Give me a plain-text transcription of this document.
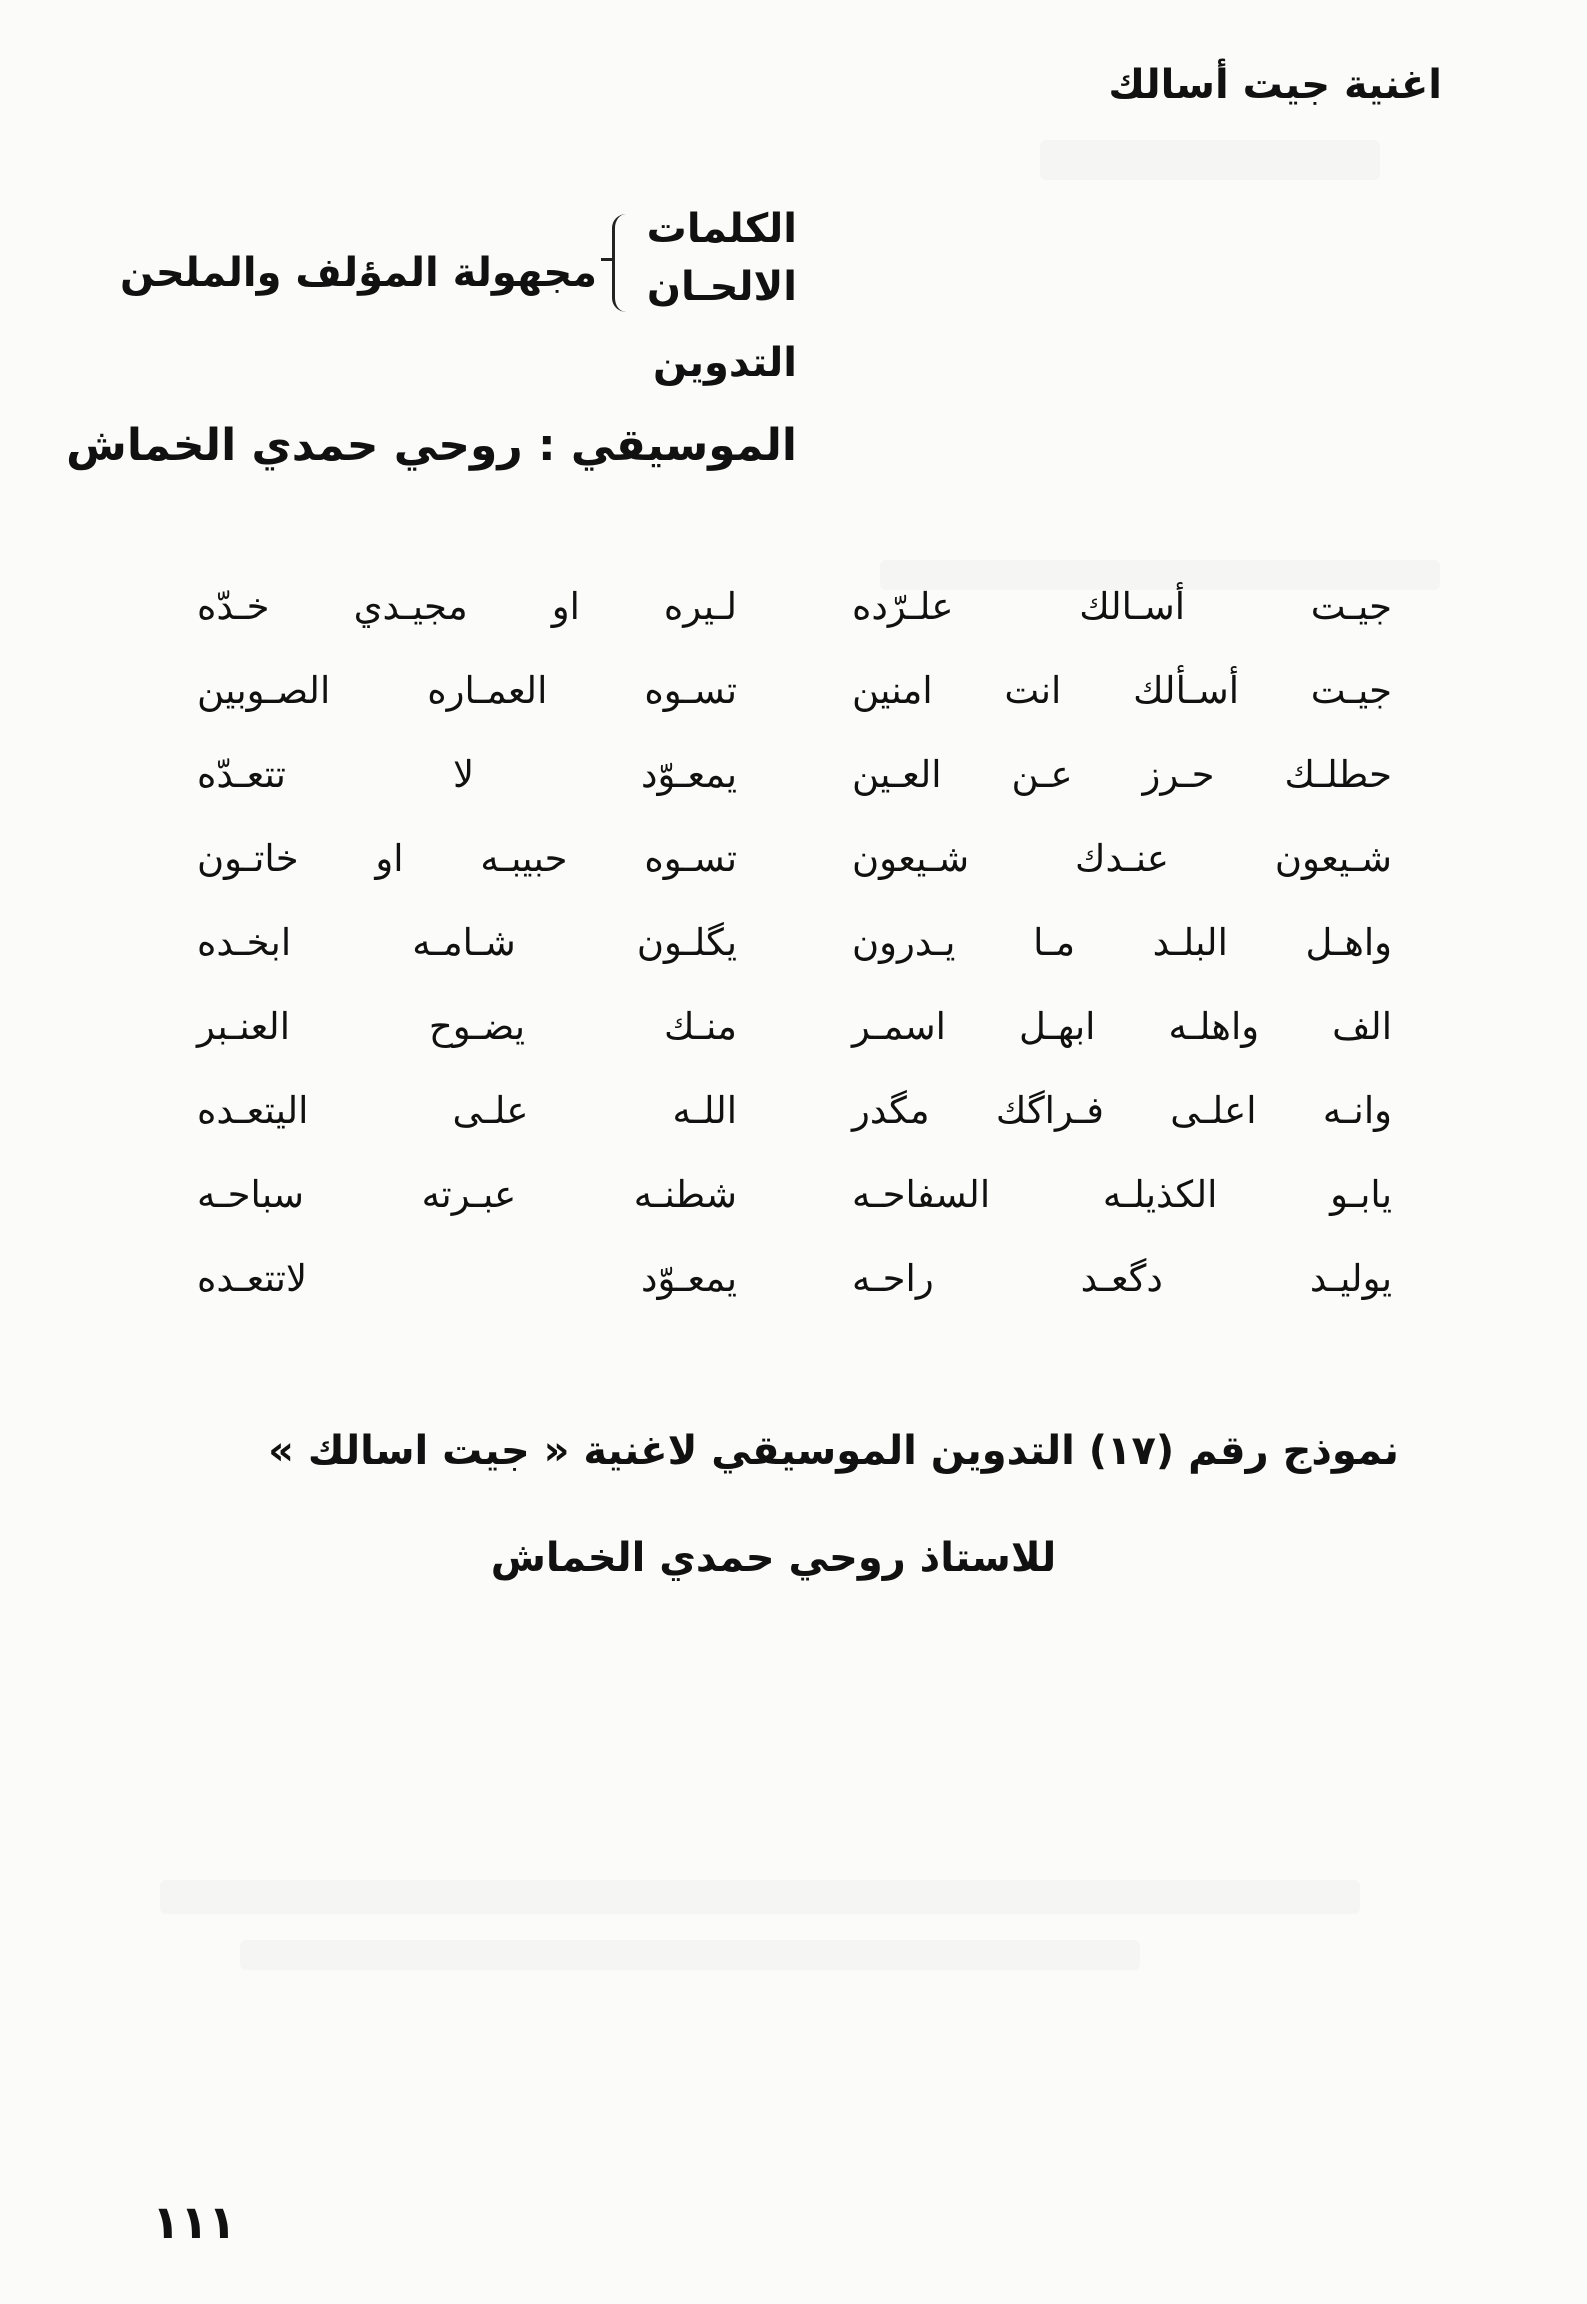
اغنية جيت أسالك
الكلمات
الالحـان
مجهولة المؤلف والملحن
التدوين
الموسيقي : روحي حمدي الخماش
جيـت أسـالك علـرّده
لـيره او مجيـدي خـدّه
جيـت أسـألك انت امنين
تسـوه العمـاره الصـوبين
حطلـك حـرز عـن العـين
يمعـوّد لا تتعـدّه
شـيعون عنـدك شـيعون
تسـوه حبيبـه او خاتـون
واهـل البلـد مـا يـدرون
يگلـون شـامـه ابخـده
الف واهلـه ابهـل اسمـر
منـك يضـوح العنـبر
وانـه اعلـى فـراگك مگدر
اللـه علـى اليتعـده
يابـو الكذيلـه السفاحـه
شطنـه عبـرته سباحـه
يوليـد دگعـد راحـه
يمعـوّد لاتتعـده
نموذج رقم (١٧) التدوين الموسيقي لاغنية « جيت اسالك »
للاستاذ روحي حمدي الخماش
١١١
